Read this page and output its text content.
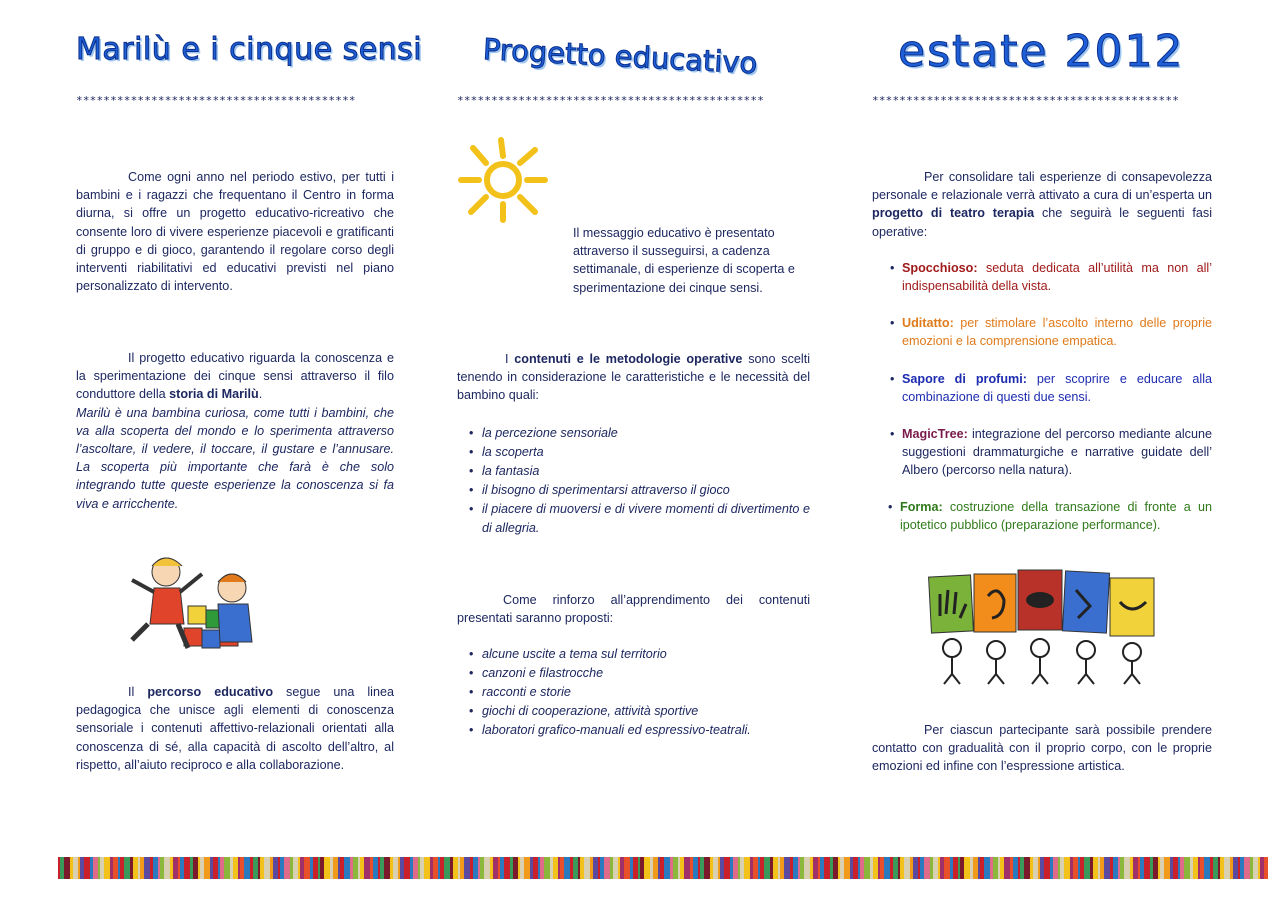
Marilù e i cinque sensi
*****************************************

Come ogni anno nel periodo estivo, per tutti i bambini e i ragazzi che frequentano il Centro in forma diurna, si offre un progetto educativo-ricreativo che consente loro di vivere esperienze piacevoli e gratificanti di gruppo e di gioco, garantendo il regolare corso degli interventi riabilitativi ed educativi previsti nel piano personalizzato di intervento.

Il progetto educativo riguarda la conoscenza e la sperimentazione dei cinque sensi attraverso il filo conduttore della storia di Marilù.
Marilù è una bambina curiosa, come tutti i bambini, che va alla scoperta del mondo e lo sperimenta attraverso l’ascoltare, il vedere, il toccare, il gustare e l’annusare. La scoperta più importante che farà è che solo integrando tutte queste esperienze la conoscenza si fa viva e arricchente.

Il percorso educativo segue una linea pedagogica che unisce agli elementi di conoscenza sensoriale i contenuti affettivo-relazionali orientati alla conoscenza di sé, alla capacità di ascolto dell’altro, al rispetto, all’aiuto reciproco e alla collaborazione.

Progetto educativo
*********************************************

Il messaggio educativo è presentato attraverso il susseguirsi, a cadenza settimanale, di esperienze di scoperta e sperimentazione dei cinque sensi.

I contenuti e le metodologie operative sono scelti tenendo in considerazione le caratteristiche e le necessità del bambino quali:

• la percezione sensoriale
• la scoperta
• la fantasia
• il bisogno di sperimentarsi attraverso il gioco
• il piacere di muoversi e di vivere momenti di divertimento e di allegria.

Come rinforzo all’apprendimento dei contenuti presentati saranno proposti:

• alcune uscite a tema sul territorio
• canzoni e filastrocche
• racconti e storie
• giochi di cooperazione, attività sportive
• laboratori grafico-manuali ed espressivo-teatrali.
estate 2012
*********************************************

Per consolidare tali esperienze di consapevolezza personale e relazionale verrà attivato a cura di un’esperta un progetto di teatro terapia che seguirà le seguenti fasi operative:

• Spocchioso: seduta dedicata all’utilità ma non all’ indispensabilità della vista.
• Uditatto: per stimolare l’ascolto interno delle proprie emozioni e la comprensione empatica.
• Sapore di profumi: per scoprire e educare alla combinazione di questi due sensi.
• MagicTree: integrazione del percorso mediante alcune suggestioni drammaturgiche e narrative guidate dell’ Albero (percorso nella natura).
• Forma: costruzione della transazione di fronte a un ipotetico pubblico (preparazione performance).

Per ciascun partecipante sarà possibile prendere contatto con gradualità con il proprio corpo, con le proprie emozioni ed infine con l’espressione artistica.
